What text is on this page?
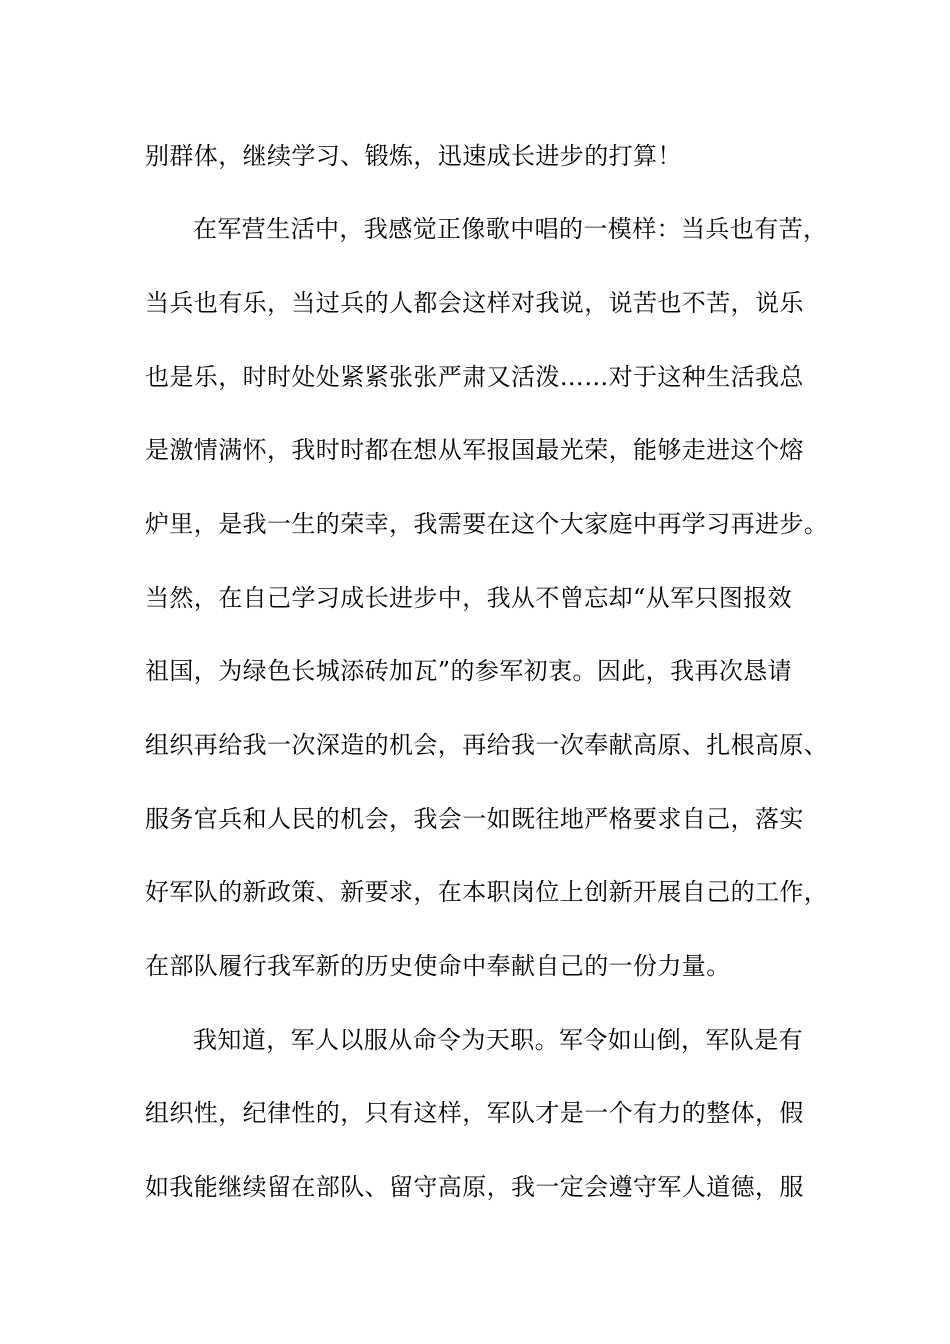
别群体，继续学习、锻炼，迅速成长进步的打算！
在军营生活中，我感觉正像歌中唱的一模样：当兵也有苦，
当兵也有乐，当过兵的人都会这样对我说，说苦也不苦，说乐
也是乐，时时处处紧紧张张严肃又活泼……对于这种生活我总
是激情满怀，我时时都在想从军报国最光荣，能够走进这个熔
炉里，是我一生的荣幸，我需要在这个大家庭中再学习再进步。
当然，在自己学习成长进步中，我从不曾忘却“从军只图报效
祖国，为绿色长城添砖加瓦”的参军初衷。因此，我再次恳请
组织再给我一次深造的机会，再给我一次奉献高原、扎根高原、
服务官兵和人民的机会，我会一如既往地严格要求自己，落实
好军队的新政策、新要求，在本职岗位上创新开展自己的工作，
在部队履行我军新的历史使命中奉献自己的一份力量。
我知道，军人以服从命令为天职。军令如山倒，军队是有
组织性，纪律性的，只有这样，军队才是一个有力的整体，假
如我能继续留在部队、留守高原，我一定会遵守军人道德，服
